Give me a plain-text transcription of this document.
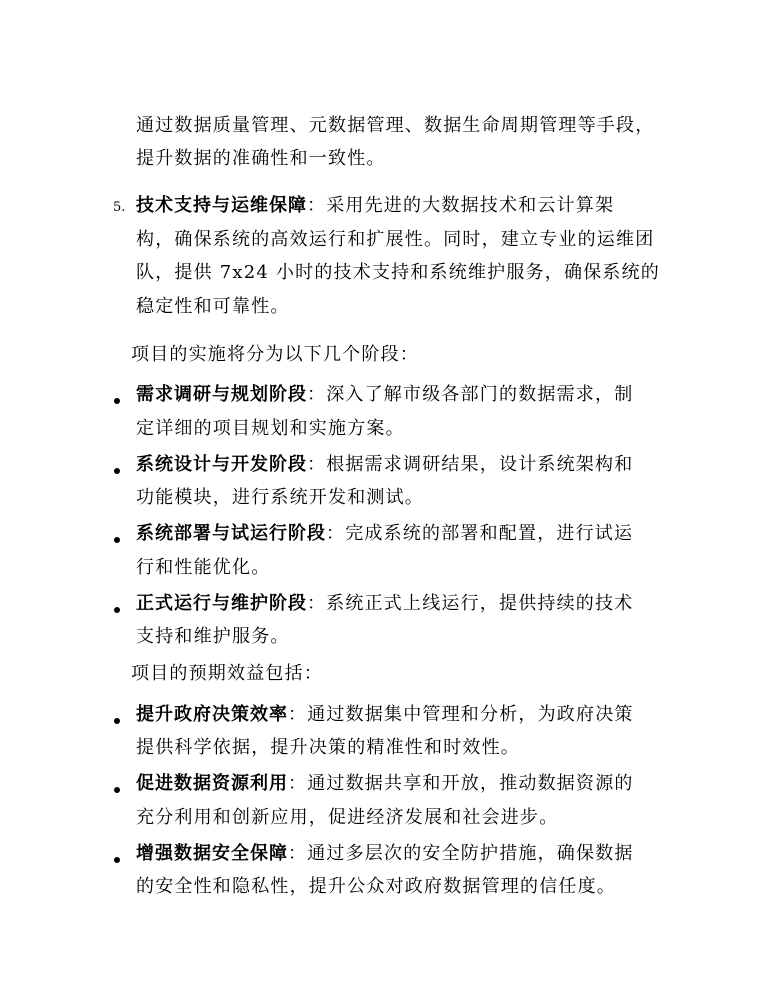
通过数据质量管理、元数据管理、数据生命周期管理等手段，
提升数据的准确性和一致性。
5. 技术支持与运维保障：采用先进的大数据技术和云计算架
构，确保系统的高效运行和扩展性。同时，建立专业的运维团
队，提供 7x24 小时的技术支持和系统维护服务，确保系统的
稳定性和可靠性。
项目的实施将分为以下几个阶段：
需求调研与规划阶段：深入了解市级各部门的数据需求，制
定详细的项目规划和实施方案。
系统设计与开发阶段：根据需求调研结果，设计系统架构和
功能模块，进行系统开发和测试。
系统部署与试运行阶段：完成系统的部署和配置，进行试运
行和性能优化。
正式运行与维护阶段：系统正式上线运行，提供持续的技术
支持和维护服务。
项目的预期效益包括：
提升政府决策效率：通过数据集中管理和分析，为政府决策
提供科学依据，提升决策的精准性和时效性。
促进数据资源利用：通过数据共享和开放，推动数据资源的
充分利用和创新应用，促进经济发展和社会进步。
增强数据安全保障：通过多层次的安全防护措施，确保数据
的安全性和隐私性，提升公众对政府数据管理的信任度。
